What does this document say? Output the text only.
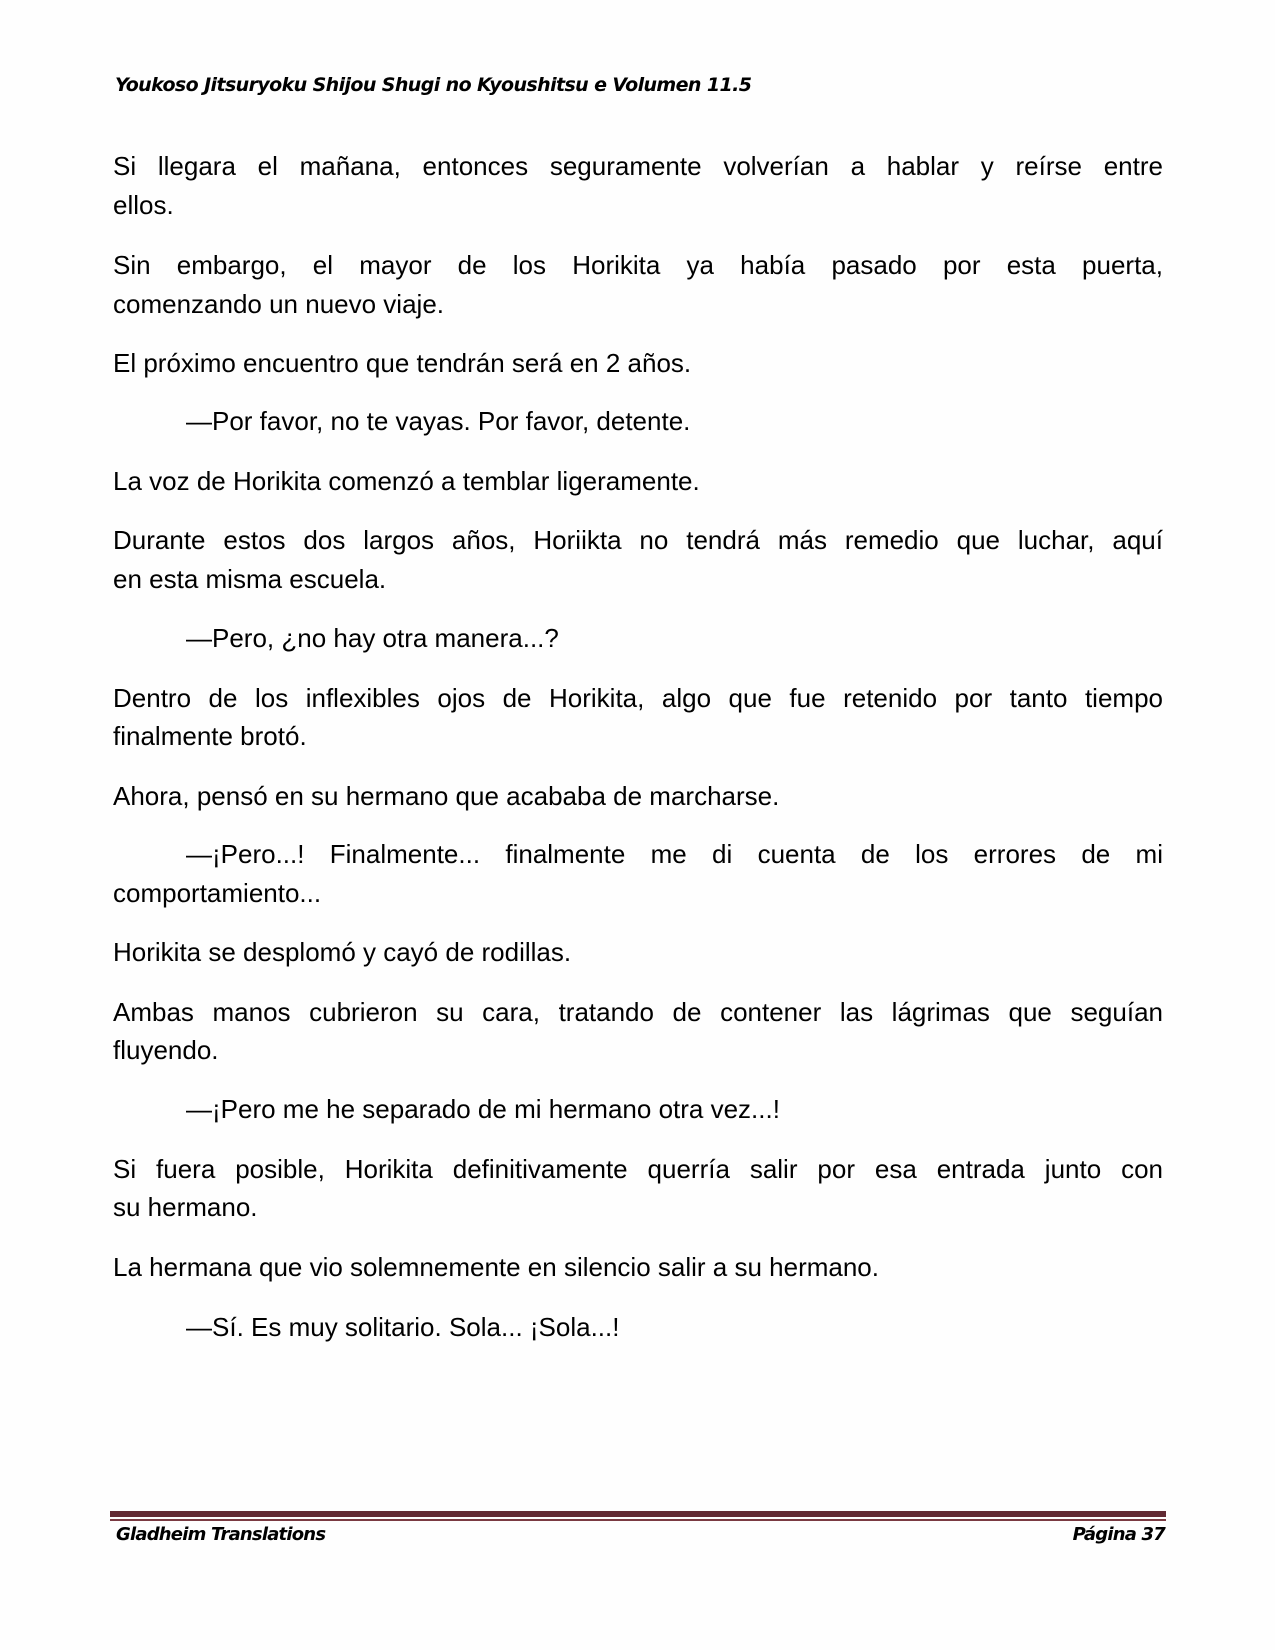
Youkoso Jitsuryoku Shijou Shugi no Kyoushitsu e Volumen 11.5
Si llegara el mañana, entonces seguramente volverían a hablar y reírse entre
ellos.
Sin embargo, el mayor de los Horikita ya había pasado por esta puerta,
comenzando un nuevo viaje.
El próximo encuentro que tendrán será en 2 años.
—Por favor, no te vayas. Por favor, detente.
La voz de Horikita comenzó a temblar ligeramente.
Durante estos dos largos años, Horiikta no tendrá más remedio que luchar, aquí
en esta misma escuela.
—Pero, ¿no hay otra manera...?
Dentro de los inflexibles ojos de Horikita, algo que fue retenido por tanto tiempo
finalmente brotó.
Ahora, pensó en su hermano que acababa de marcharse.
—¡Pero...! Finalmente... finalmente me di cuenta de los errores de mi
comportamiento...
Horikita se desplomó y cayó de rodillas.
Ambas manos cubrieron su cara, tratando de contener las lágrimas que seguían
fluyendo.
—¡Pero me he separado de mi hermano otra vez...!
Si fuera posible, Horikita definitivamente querría salir por esa entrada junto con
su hermano.
La hermana que vio solemnemente en silencio salir a su hermano.
—Sí. Es muy solitario. Sola... ¡Sola...!
Gladheim Translations	Página 37
